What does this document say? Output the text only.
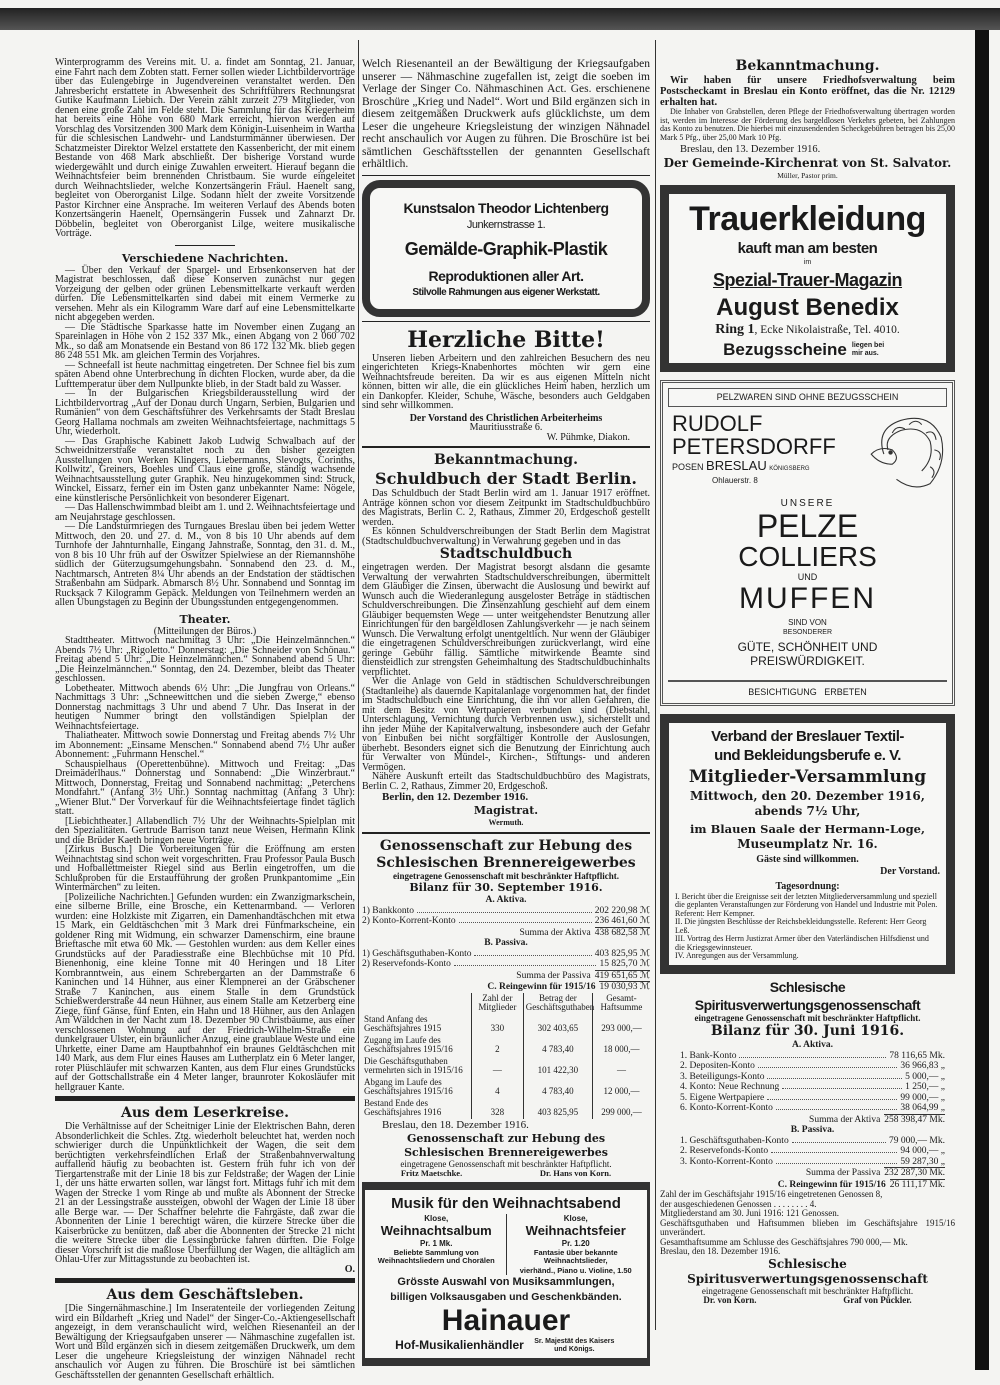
Winterprogramm des Vereins mit. U. a. findet am Sonntag, 21. Januar, eine Fahrt nach dem Zobten statt. Ferner sollen wieder Lichtbildervorträge über das Eulengebirge in Jugendvereinen veranstaltet werden. Den Jahresbericht erstattete in Abwesenheit des Schriftführers Rechnungsrat Gutike Kaufmann Liebich. Der Verein zählt zurzeit 279 Mitglieder, von denen eine große Zahl im Felde steht. Die Sammlung für das Kriegerheim hat bereits eine Höhe von 680 Mark erreicht, hiervon werden auf Vorschlag des Vorsitzenden 300 Mark dem Königin-Luisenheim in Wartha für die schlesischen Landwehr- und Landsturmmänner überwiesen. Der Schatzmeister Direktor Welzel erstattete den Kassenbericht, der mit einem Bestande von 468 Mark abschließt. Der bisherige Vorstand wurde wiedergewählt und durch einige Zuwahlen erweitert. Hierauf begann die Weihnachtsfeier beim brennenden Christbaum. Sie wurde eingeleitet durch Weihnachtslieder, welche Konzertsängerin Fräul. Haenelt sang, begleitet von Oberorganist Lilge. Sodann hielt der zweite Vorsitzende Pastor Kirchner eine Ansprache. Im weiteren Verlauf des Abends boten Konzertsängerin Haenelt, Opernsängerin Fussek und Zahnarzt Dr. Döbbelin, begleitet von Oberorganist Lilge, weitere musikalische Vorträge.

Verschiedene Nachrichten.

— Über den Verkauf der Spargel- und Erbsenkonserven hat der Magistrat beschlossen, daß diese Konserven zunächst nur gegen Vorzeigung der gelben oder grünen Lebensmittelkarte verkauft werden dürfen. Die Lebensmittelkarten sind dabei mit einem Vermerke zu versehen. Mehr als ein Kilogramm Ware darf auf eine Lebensmittelkarte nicht abgegeben werden.

— Die Städtische Sparkasse hatte im November einen Zugang an Spareinlagen in Höhe von 2 152 337 Mk., einen Abgang von 2 060 702 Mk., so daß am Monatsende ein Bestand von 86 172 132 Mk. blieb gegen 86 248 551 Mk. am gleichen Termin des Vorjahres.

— Schneefall ist heute nachmittag eingetreten. Der Schnee fiel bis zum späten Abend ohne Unterbrechung in dichten Flocken, wurde aber, da die Lufttemperatur über dem Nullpunkte blieb, in der Stadt bald zu Wasser.

— In der Bulgarischen Kriegsbilderausstellung wird der Lichtbildervortrag „Auf der Donau durch Ungarn, Serbien, Bulgarien und Rumänien“ von dem Geschäftsführer des Verkehrsamts der Stadt Breslau Georg Hallama nochmals am zweiten Weihnachtsfeiertage, nachmittags 5 Uhr, wiederholt.

— Das Graphische Kabinett Jakob Ludwig Schwalbach auf der Schweidnitzerstraße veranstaltet noch zu den bisher gezeigten Ausstellungen von Werken Klingers, Liebermanns, Slevogts, Corinths, Kollwitz', Greiners, Boehles und Claus eine große, ständig wachsende Weihnachtsausstellung guter Graphik. Neu hinzugekommen sind: Struck, Winckel, Eissarz, ferner ein im Osten ganz unbekannter Name: Nögele, eine künstlerische Persönlichkeit von besonderer Eigenart.

— Das Hallenschwimmbad bleibt am 1. und 2. Weihnachtsfeiertage und am Neujahrstage geschlossen.

— Die Landsturmriegen des Turngaues Breslau üben bei jedem Wetter Mittwoch, den 20. und 27. d. M., von 8 bis 10 Uhr abends auf dem Turnhofe der Jahnturnhalle, Eingang Jahnstraße, Sonntag, den 31. d. M., von 8 bis 10 Uhr früh auf der Oswitzer Spielwiese an der Riemannshöhe südlich der Güterzugsumgehungsbahn. Sonnabend den 23. d. M., Nachtmarsch, Antreten 8¼ Uhr abends an der Endstation der städtischen Straßenbahn am Südpark. Abmarsch 8½ Uhr. Sonnabend und Sonntag im Rucksack 7 Kilogramm Gepäck. Meldungen von Teilnehmern werden an allen Übungstagen zu Beginn der Übungsstunden entgegengenommen.

Theater.
(Mitteilungen der Büros.)

Stadttheater. Mittwoch nachmittag 3 Uhr: „Die Heinzelmännchen.“ Abends 7½ Uhr: „Rigoletto.“ Donnerstag: „Die Schneider von Schönau.“ Freitag abend 5 Uhr: „Die Heinzelmännchen.“ Sonnabend abend 5 Uhr: „Die Heinzelmännchen.“ Sonntag, den 24. Dezember, bleibt das Theater geschlossen.

Lobetheater. Mittwoch abends 6½ Uhr: „Die Jungfrau von Orleans.“ Nachmittags 3 Uhr: „Schneewittchen und die sieben Zwerge,“ ebenso Donnerstag nachmittags 3 Uhr und abend 7 Uhr. Das Inserat in der heutigen Nummer bringt den vollständigen Spielplan der Weihnachtsfeiertage.

Thaliatheater. Mittwoch sowie Donnerstag und Freitag abends 7½ Uhr im Abonnement: „Einsame Menschen.“ Sonnabend abend 7½ Uhr außer Abonnement: „Fuhrmann Henschel.“

Schauspielhaus (Operettenbühne). Mittwoch und Freitag: „Das Dreimäderlhaus.“ Donnerstag und Sonnabend: „Die Winzerbraut.“ Mittwoch, Donnerstag, Freitag und Sonnabend nachmittag: „Peterchens Mondfahrt.“ (Anfang 3½ Uhr.) Sonntag nachmittag (Anfang 3 Uhr): „Wiener Blut.“ Der Vorverkauf für die Weihnachtsfeiertage findet täglich statt.

[Liebichtheater.] Allabendlich 7½ Uhr der Weihnachts-Spielplan mit den Spezialitäten. Gertrude Barrison tanzt neue Weisen, Hermann Klink und die Brüder Kaeth bringen neue Vorträge.

[Zirkus Busch.] Die Vorbereitungen für die Eröffnung am ersten Weihnachtstag sind schon weit vorgeschritten. Frau Professor Paula Busch und Hofballettmeister Riegel sind aus Berlin eingetroffen, um die Schlußproben für die Erstaufführung der großen Prunkpantomime „Ein Wintermärchen“ zu leiten.

[Polizeiliche Nachrichten.] Gefunden wurden: ein Zwanzigmarkschein, eine silberne Brille, eine Brosche, ein Kettenarmband. — Verloren wurden: eine Holzkiste mit Zigarren, ein Damenhandtäschchen mit etwa 15 Mark, ein Geldtäschchen mit 3 Mark drei Fünfmarkscheine, ein goldener Ring mit Widmung, ein schwarzer Damenschirm, eine braune Brieftasche mit etwa 60 Mk. — Gestohlen wurden: aus dem Keller eines Grundstücks auf der Paradiesstraße eine Blechbüchse mit 10 Pfd. Bienenhonig, eine kleine Tonne mit 40 Heringen und 18 Liter Kornbranntwein, aus einem Schrebergarten an der Dammstraße 6 Kaninchen und 14 Hühner, aus einer Klempnerei an der Gräbschener Straße 7 Kaninchen, aus einem Stalle in dem Grundstück Schießwerderstraße 44 neun Hühner, aus einem Stalle am Ketzerberg eine Ziege, fünf Gänse, fünf Enten, ein Hahn und 18 Hühner, aus den Anlagen Am Wäldchen in der Nacht zum 18. Dezember 90 Christbäume, aus einer verschlossenen Wohnung auf der Friedrich-Wilhelm-Straße ein dunkelgrauer Ulster, ein bräunlicher Anzug, eine graublaue Weste und eine Uhrkette, einer Dame am Hauptbahnhof ein braunes Geldtäschchen mit 140 Mark, aus dem Flur eines Hauses am Lutherplatz ein 6 Meter langer, roter Plüschläufer mit schwarzen Kanten, aus dem Flur eines Grundstücks auf der Gottschallstraße ein 4 Meter langer, braunroter Kokosläufer mit hellgrauer Kante.

Aus dem Leserkreise.

Die Verhältnisse auf der Scheitniger Linie der Elektrischen Bahn, deren Absonderlichkeit die Schles. Ztg. wiederholt beleuchtet hat, werden noch schwieriger durch die Unpünktlichkeit der Wagen, die seit dem berüchtigten verkehrsfeindlichen Erlaß der Straßenbahnverwaltung auffallend häufig zu beobachten ist. Gestern früh fuhr ich von der Tiergartenstraße mit der Linie 18 bis zur Feldstraße; der Wagen der Linie 1, der uns hätte erwarten sollen, war längst fort. Mittags fuhr ich mit dem Wagen der Strecke 1 vom Ringe ab und mußte als Abonnent der Strecke 21 an der Lessingstraße aussteigen, obwohl der Wagen der Linie 18 über alle Berge war. — Der Schaffner belehrte die Fahrgäste, daß zwar die Abonnenten der Linie 1 berechtigt wären, die kürzere Strecke über die Kaiserbrücke zu benützen, daß aber die Abonnenten der Strecke 21 nicht die weitere Strecke über die Lessingbrücke fahren dürften. Die Folge dieser Vorschrift ist die maßlose Überfüllung der Wagen, die alltäglich am Ohlau-Ufer zur Mittagsstunde zu beobachten ist.

O.
Aus dem Geschäftsleben.

[Die Singernähmaschine.] Im Inseratenteile der vorliegenden Zeitung wird ein Bildarheft „Krieg und Nadel“ der Singer-Co.-Aktiengesellschaft angezeigt, in dem veranschaulicht wird, welchen Riesenanteil an der Bewältigung der Kriegsaufgaben unserer — Nähmaschine zugefallen ist. Wort und Bild ergänzen sich in diesem zeitgemäßen Druckwerk, um dem Leser die ungeheure Kriegsleistung der winzigen Nähnadel recht anschaulich vor Augen zu führen. Die Broschüre ist bei sämtlichen Geschäftsstellen der genannten Gesellschaft erhältlich.

Welch Riesenanteil an der Bewältigung der Kriegsaufgaben unserer — Nähmaschine zugefallen ist, zeigt die soeben im Verlage der Singer Co. Nähmaschinen Act. Ges. erschienene Broschüre „Krieg und Nadel“. Wort und Bild ergänzen sich in diesem zeitgemäßen Druckwerk aufs glücklichste, um dem Leser die ungeheure Kriegsleistung der winzigen Nähnadel recht anschaulich vor Augen zu führen. Die Broschüre ist bei sämtlichen Geschäftsstellen der genannten Gesellschaft erhältlich.

Kunstsalon Theodor Lichtenberg
Junkernstrasse 1.
Gemälde-Graphik-Plastik
Reproduktionen aller Art.
Stilvolle Rahmungen aus eigener Werkstatt.
Herzliche Bitte!

Unseren lieben Arbeitern und den zahlreichen Besuchern des neu eingerichteten Kriegs-Knabenhortes möchten wir gern eine Weihnachtsfreude bereiten. Da wir es aus eigenen Mitteln nicht können, bitten wir alle, die ein glückliches Heim haben, herzlich um ein Dankopfer. Kleider, Schuhe, Wäsche, besonders auch Geldgaben sind sehr willkommen.

Der Vorstand des Christlichen Arbeiterheims
Mauritiusstraße 6.
W. Pühmke, Diakon.
Bekanntmachung.
Schuldbuch der Stadt Berlin.

Das Schuldbuch der Stadt Berlin wird am 1. Januar 1917 eröffnet. Anträge können schon vor diesem Zeitpunkt im Stadtschuldbuchbüro des Magistrats, Berlin C. 2, Rathaus, Zimmer 20, Erdgeschoß gestellt werden.

Es können Schuldverschreibungen der Stadt Berlin dem Magistrat (Stadtschuldbuchverwaltung) in Verwahrung gegeben und in das

Stadtschuldbuch

eingetragen werden. Der Magistrat besorgt alsdann die gesamte Verwaltung der verwahrten Stadtschuldverschreibungen, übermittelt dem Gläubiger die Zinsen, überwacht die Auslosung und bewirkt auf Wunsch auch die Wiederanlegung ausgeloster Beträge in städtischen Schuldverschreibungen. Die Zinsenzahlung geschieht auf dem einem Gläubiger bequemsten Wege — unter weitgehendster Benutzung aller Einrichtungen für den bargeldlosen Zahlungsverkehr — je nach seinem Wunsch. Die Verwaltung erfolgt unentgeltlich. Nur wenn der Gläubiger die eingetragenen Schuldverschreibungen zurückverlangt, wird eine geringe Gebühr fällig. Sämtliche mitwirkende Beamte sind diensteidlich zur strengsten Geheimhaltung des Stadtschuldbuchinhalts verpflichtet.

Wer die Anlage von Geld in städtischen Schuldverschreibungen (Stadtanleihe) als dauernde Kapitalanlage vorgenommen hat, der findet im Stadtschuldbuch eine Einrichtung, die ihn vor allen Gefahren, die mit dem Besitz von Wertpapieren verbunden sind (Diebstahl, Unterschlagung, Vernichtung durch Verbrennen usw.), sicherstellt und ihn jeder Mühe der Kapitalverwaltung, insbesondere auch der Gefahr von Einbußen bei nicht sorgfältiger Kontrolle der Auslosungen, überhebt. Besonders eignet sich die Benutzung der Einrichtung auch für Verwalter von Mündel-, Kirchen-, Stiftungs- und anderen Vermögen.

Nähere Auskunft erteilt das Stadtschuldbuchbüro des Magistrats, Berlin C. 2, Rathaus, Zimmer 20, Erdgeschoß.

Berlin, den 12. Dezember 1916.
Magistrat.
Wermuth.
Genossenschaft zur Hebung des
Schlesischen Brennereigewerbes
eingetragene Genossenschaft mit beschränkter Haftpflicht.
Bilanz für 30. September 1916.
A. Aktiva.
1) Bankkonto	202 220,98 ℳ
2) Konto-Korrent-Konto	236 461,60 ℳ
Summa der Aktiva 438 682,58 ℳ
B. Passiva.
1) Geschäftsguthaben-Konto	403 825,95 ℳ
2) Reservefonds-Konto	15 825,70 ℳ
Summa der Passiva 419 651,65 ℳ
C. Reingewinn für 1915/16 19 030,93 ℳ
	Zahl der Mitglieder	Betrag der Geschäftsguthaben	Gesamt-Haftsumme
Stand Anfang des Geschäftsjahres 1915	330	302 403,65	293 000,—
Zugang im Laufe des Geschäftsjahres 1915/16	2	4 783,40	18 000,—
Die Geschäftsguthaben vermehrten sich in 1915/16	—	101 422,30	—
Abgang im Laufe des Geschäftsjahres 1915/16	4	4 783,40	12 000,—
Bestand Ende des Geschäftsjahres 1916	328	403 825,95	299 000,—
Breslau, den 18. Dezember 1916.
Genossenschaft zur Hebung des
Schlesischen Brennereigewerbes
eingetragene Genossenschaft mit beschränkter Haftpflicht.
Fritz Maetschke.	Dr. Hans von Korn.
Musik für den Weihnachtsabend
Klose,
Weihnachtsalbum
Pr. 1 Mk.
Beliebte Sammlung von Weihnachtsliedern und Chorälen
Klose,
Weihnachtsfeier
Pr. 1.20
Fantasie über bekannte Weihnachtslieder,
vierhänd., Piano u. Violine, 1.50
Grösste Auswahl von Musiksammlungen,
billigen Volksausgaben und Geschenkbänden.
Hainauer
Hof-Musikalienhändler	Sr. Majestät des Kaisers und Königs.
Bekanntmachung.

Wir haben für unsere Friedhofsverwaltung beim Postscheckamt in Breslau ein Konto eröffnet, das die Nr. 12129 erhalten hat.

Die Inhaber von Grabstellen, deren Pflege der Friedhofsverwaltung übertragen worden ist, werden im Interesse der Förderung des bargeldlosen Verkehrs gebeten, bei Zahlungen das Konto zu benutzen. Die hierbei mit einzusendenden Scheckgebühren betragen bis 25,00 Mark 5 Pfg., über 25,00 Mark 10 Pfg.

Breslau, den 13. Dezember 1916.
Der Gemeinde-Kirchenrat von St. Salvator.
Müller, Pastor prim.
Trauerkleidung
kauft man am besten
im
Spezial-Trauer-Magazin
August Benedix
Ring 1, Ecke Nikolaistraße, Tel. 4010.
Bezugsscheine liegen bei mir aus.
PELZWAREN SIND OHNE BEZUGSSCHEIN
RUDOLF
PETERSDORFF
POSEN BRESLAU KÖNIGSBERG
Ohlauerstr. 8
UNSERE
PELZE
COLLIERS
UND
MUFFEN
SIND VON
BESONDERER
GÜTE, SCHÖNHEIT UND
PREISWÜRDIGKEIT.
BESICHTIGUNG   ERBETEN
Verband der Breslauer Textil-
und Bekleidungsberufe e. V.
Mitglieder-Versammlung
Mittwoch, den 20. Dezember 1916,
abends 7½ Uhr,
im Blauen Saale der Hermann-Loge,
Museumplatz Nr. 16.
Gäste sind willkommen.
Der Vorstand.
Tagesordnung:
I. Bericht über die Ereignisse seit der letzten Mitgliederversammlung und speziell die geplanten Veranstaltungen zur Förderung von Handel und Industrie mit Polen. Referent: Herr Kempner.
II. Die jüngsten Beschlüsse der Reichsbekleidungsstelle. Referent: Herr Georg Leß.
III. Vortrag des Herrn Justizrat Armer über den Vaterländischen Hilfsdienst und die Kriegsgewinnsteuer.
IV. Anregungen aus der Versammlung.
Schlesische Spiritusverwertungsgenossenschaft
eingetragene Genossenschaft mit beschränkter Haftpflicht.
Bilanz für 30. Juni 1916.
A. Aktiva.
1. Bank-Konto	78 116,65 Mk.
2. Depositen-Konto	36 966,83 „
3. Beteiligungs-Konto	5 000,— „
4. Konto: Neue Rechnung	1 250,— „
5. Eigene Wertpapiere	99 000,— „
6. Konto-Korrent-Konto	38 064,99 „
Summa der Aktiva 258 398,47 Mk.
B. Passiva.
1. Geschäftsguthaben-Konto	79 000,— Mk.
2. Reservefonds-Konto	94 000,— „
3. Konto-Korrent-Konto	59 287,30 „
Summa der Passiva 232 287,30 Mk.
C. Reingewinn für 1915/16 26 111,17 Mk.
Zahl der im Geschäftsjahr 1915/16 eingetretenen Genossen 8,
der ausgeschiedenen Genossen . . . . . . . . 4.
Mitgliederstand am 30. Juni 1916: 121 Genossen.
Geschäftsguthaben und Haftsummen blieben im Geschäftsjahre 1915/16 unverändert.
Gesamthaftsumme am Schlusse des Geschäftsjahres 790 000,— Mk.
Breslau, den 18. Dezember 1916.
Schlesische Spiritusverwertungsgenossenschaft
eingetragene Genossenschaft mit beschränkter Haftpflicht.
Dr. von Korn.	Graf von Pückler.
